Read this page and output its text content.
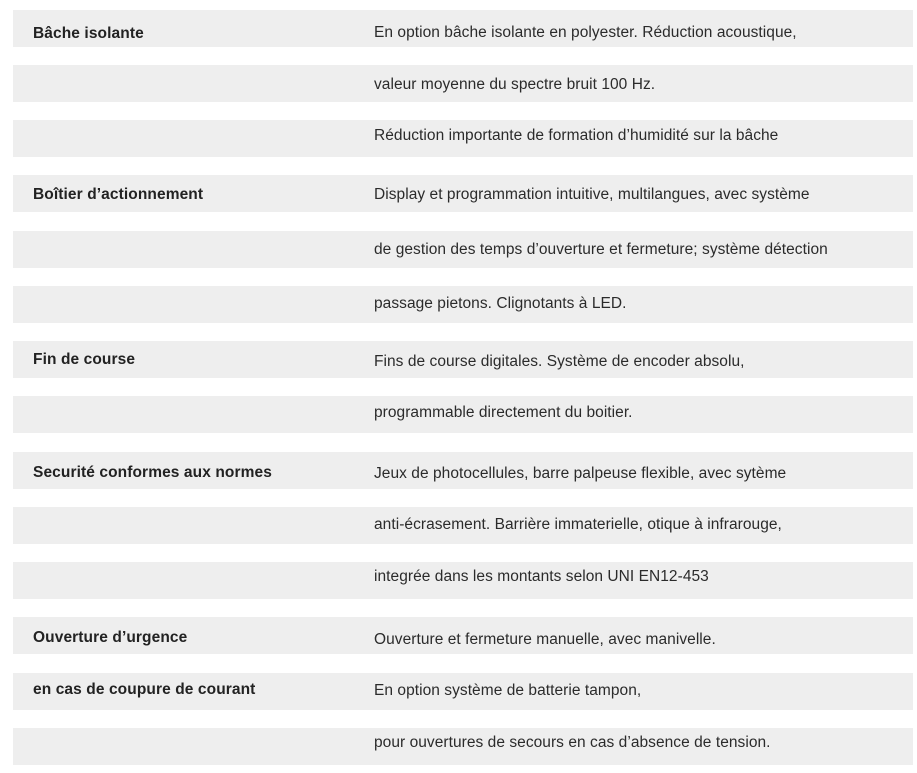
Bâche isolante	En option bâche isolante en polyester. Réduction acoustique,
valeur moyenne du spectre bruit 100 Hz.
Réduction importante de formation d’humidité sur la bâche
Boîtier d’actionnement	Display et programmation intuitive, multilangues, avec système
de gestion des temps d’ouverture et fermeture; système détection
passage pietons. Clignotants à LED.
Fin de course	Fins de course digitales. Système de encoder absolu,
programmable directement du boitier.
Securité conformes aux normes	Jeux de photocellules, barre palpeuse flexible, avec sytème
anti-écrasement. Barrière immaterielle, otique à infrarouge,
integrée dans les montants selon UNI EN12-453
Ouverture d’urgence	Ouverture et fermeture manuelle, avec manivelle.
en cas de coupure de courant	En option système de batterie tampon,
pour ouvertures de secours en cas d’absence de tension.
